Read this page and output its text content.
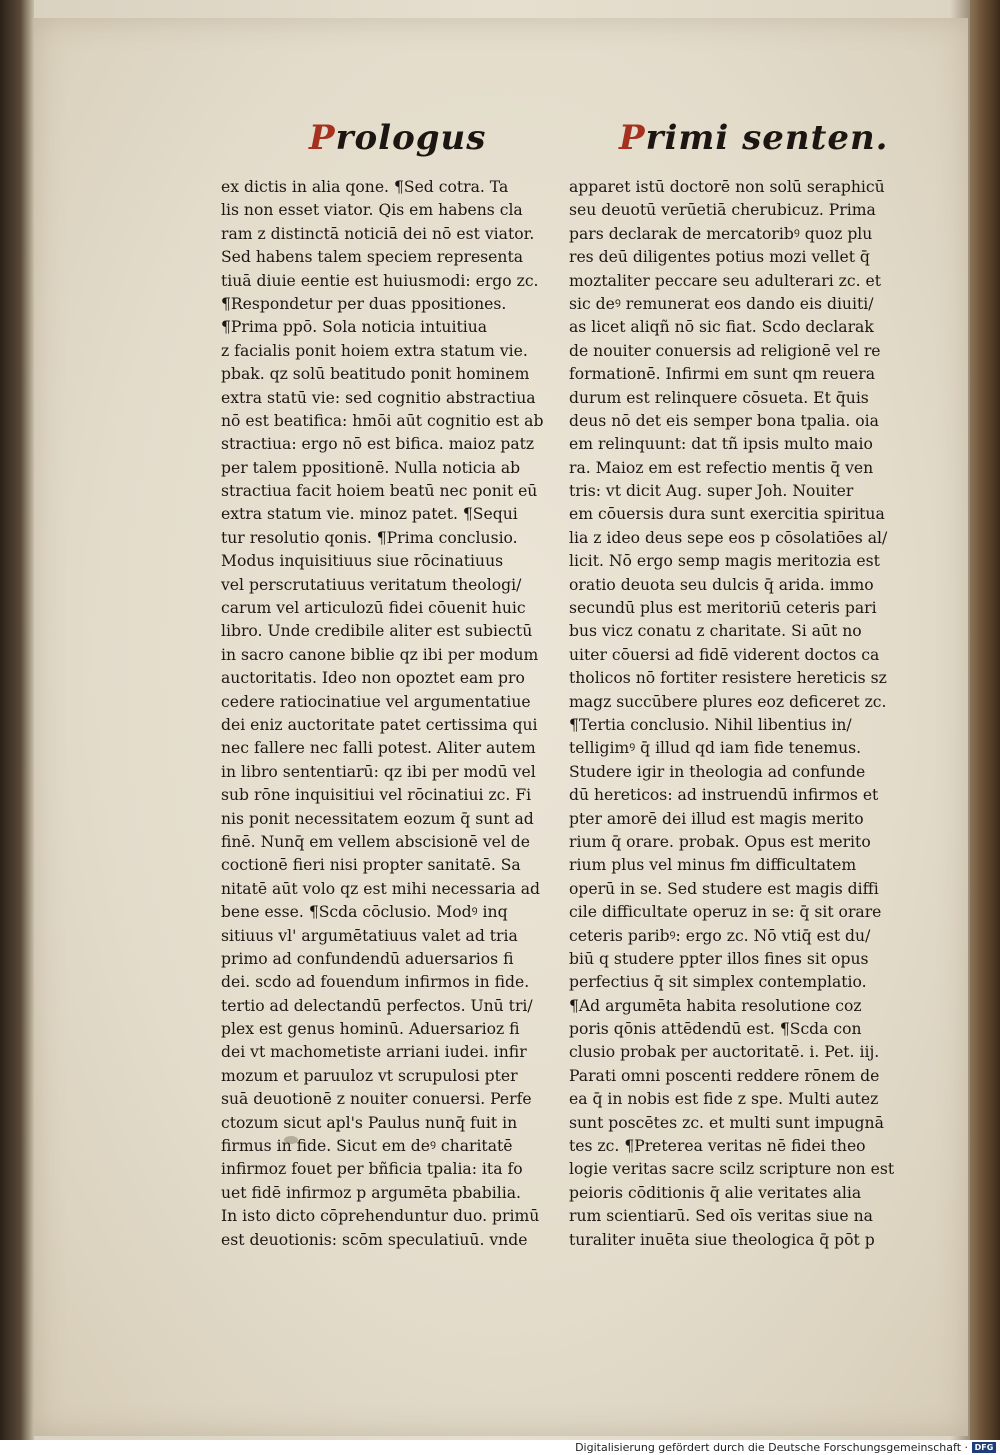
Prologus	Primi senten.
ex dictis in alia qone. ¶Sed cotra. Ta
lis non esset viator. Qis em habens cla
ram z distinctā noticiā dei nō est viator.
Sed habens talem speciem representa
tiuā diuie eentie est huiusmodi: ergo zc.
¶Respondetur per duas ppositiones.
¶Prima ppō. Sola noticia intuitiua
z facialis ponit hoiem extra statum vie.
pbak. qz solū beatitudo ponit hominem
extra statū vie: sed cognitio abstractiua
nō est beatifica: hmōi aūt cognitio est ab
stractiua: ergo nō est bifica. maioz patz
per talem ppositionē. Nulla noticia ab
stractiua facit hoiem beatū nec ponit eū
extra statum vie. minoz patet. ¶Sequi
tur resolutio qonis. ¶Prima conclusio.
Modus inquisitiuus siue rōcinatiuus
vel perscrutatiuus veritatum theologi/
carum vel articulozū fidei cōuenit huic
libro. Unde credibile aliter est subiectū
in sacro canone biblie qz ibi per modum
auctoritatis. Ideo non opoztet eam pro
cedere ratiocinatiue vel argumentatiue
dei eniz auctoritate patet certissima qui
nec fallere nec falli potest. Aliter autem
in libro sententiarū: qz ibi per modū vel
sub rōne inquisitiui vel rōcinatiui zc. Fi
nis ponit necessitatem eozum q̄ sunt ad
finē. Nunq̄ em vellem abscisionē vel de
coctionē fieri nisi propter sanitatē. Sa
nitatē aūt volo qz est mihi necessaria ad
bene esse. ¶Scda cōclusio. Modꝰ inq
sitiuus vl' argumētatiuus valet ad tria
primo ad confundendū aduersarios fi
dei. scdo ad fouendum infirmos in fide.
tertio ad delectandū perfectos. Unū tri/
plex est genus hominū. Aduersarioz fi
dei vt machometiste arriani iudei. infir
mozum et paruuloz vt scrupulosi pter
suā deuotionē z nouiter conuersi. Perfe
ctozum sicut apl's Paulus nunq̄ fuit in
firmus in fide. Sicut em deꝰ charitatē
infirmoz fouet per bñficia tpalia: ita fo
uet fidē infirmoz p argumēta pbabilia.
In isto dicto cōprehenduntur duo. primū
est deuotionis: scōm speculatiuū. vnde
apparet istū doctorē non solū seraphicū
seu deuotū verūetiā cherubicuz. Prima
pars declarak de mercatoribꝰ quoz plu
res deū diligentes potius mozi vellet q̄
moztaliter peccare seu adulterari zc. et
sic deꝰ remunerat eos dando eis diuiti/
as licet aliqñ nō sic fiat. Scdo declarak
de nouiter conuersis ad religionē vel re
formationē. Infirmi em sunt qm reuera
durum est relinquere cōsueta. Et q̄uis
deus nō det eis semper bona tpalia. oia
em relinquunt: dat tñ ipsis multo maio
ra. Maioz em est refectio mentis q̄ ven
tris: vt dicit Aug. super Joh. Nouiter
em cōuersis dura sunt exercitia spiritua
lia z ideo deus sepe eos p cōsolatiōes al/
licit. Nō ergo semp magis meritozia est
oratio deuota seu dulcis q̄ arida. immo
secundū plus est meritoriū ceteris pari
bus vicz conatu z charitate. Si aūt no
uiter cōuersi ad fidē viderent doctos ca
tholicos nō fortiter resistere hereticis sz
magz succūbere plures eoz deficeret zc.
¶Tertia conclusio. Nihil libentius in/
telligimꝰ q̄ illud qd iam fide tenemus.
Studere igir in theologia ad confunde
dū hereticos: ad instruendū infirmos et
pter amorē dei illud est magis merito
rium q̄ orare. probak. Opus est merito
rium plus vel minus fm difficultatem
operū in se. Sed studere est magis diffi
cile difficultate operuz in se: q̄ sit orare
ceteris paribꝰ: ergo zc. Nō vtiq̄ est du/
biū q studere ppter illos fines sit opus
perfectius q̄ sit simplex contemplatio.
¶Ad argumēta habita resolutione coz
poris qōnis attēdendū est. ¶Scda con
clusio probak per auctoritatē. i. Pet. iij.
Parati omni poscenti reddere rōnem de
ea q̄ in nobis est fide z spe. Multi autez
sunt poscētes zc. et multi sunt impugnā
tes zc. ¶Preterea veritas nē fidei theo
logie veritas sacre scilz scripture non est
peioris cōditionis q̄ alie veritates alia
rum scientiarū. Sed oīs veritas siue na
turaliter inuēta siue theologica q̄ pōt p
Digitalisierung gefördert durch die Deutsche Forschungsgemeinschaft · DFG
